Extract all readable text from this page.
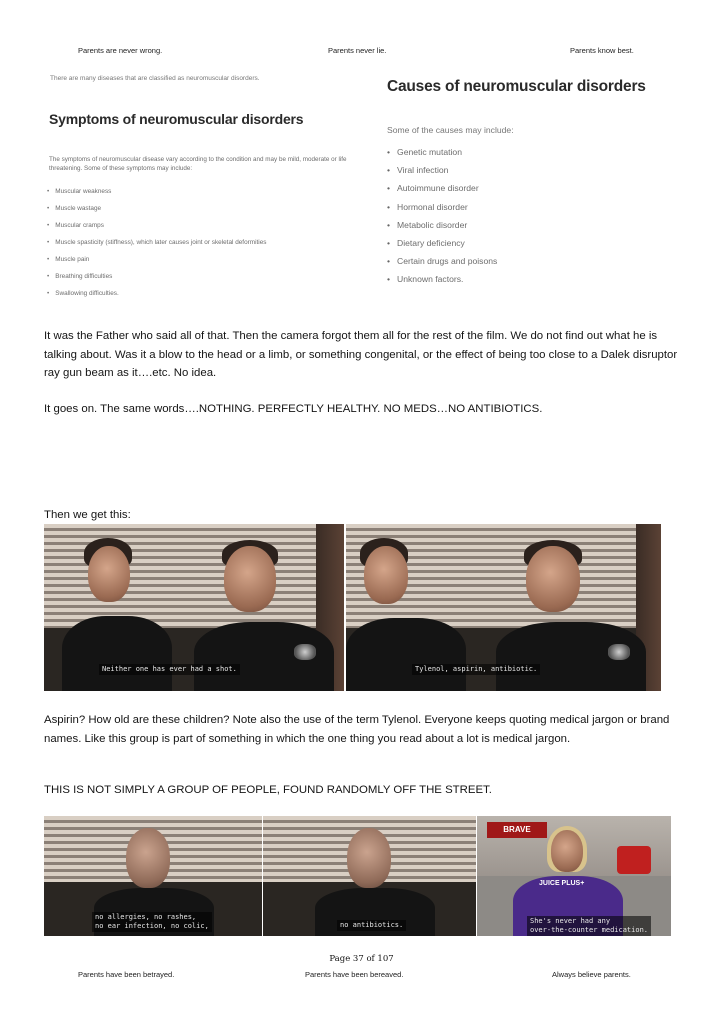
Parents are never wrong.	Parents never lie.	Parents know best.
There are many diseases that are classified as neuromuscular disorders.
Symptoms of neuromuscular disorders
The symptoms of neuromuscular disease vary according to the condition and may be mild, moderate or life threatening. Some of these symptoms may include:
• Muscular weakness
• Muscle wastage
• Muscular cramps
• Muscle spasticity (stiffness), which later causes joint or skeletal deformities
• Muscle pain
• Breathing difficulties
• Swallowing difficulties.
Causes of neuromuscular disorders
Some of the causes may include:
• Genetic mutation
• Viral infection
• Autoimmune disorder
• Hormonal disorder
• Metabolic disorder
• Dietary deficiency
• Certain drugs and poisons
• Unknown factors.
It was the Father who said all of that. Then the camera forgot them all for the rest of the film. We do not find out what he is talking about. Was it a blow to the head or a limb, or something congenital, or the effect of being too close to a Dalek disruptor ray gun beam as it….etc. No idea.
It goes on. The same words….NOTHING. PERFECTLY HEALTHY. NO MEDS…NO ANTIBIOTICS.
Then we get this:
Neither one has ever had a shot.	Tylenol, aspirin, antibiotic.
Aspirin? How old are these children? Note also the use of the term Tylenol. Everyone keeps quoting medical jargon or brand names. Like this group is part of something in which the one thing you read about a lot is medical jargon.
THIS IS NOT SIMPLY A GROUP OF PEOPLE, FOUND RANDOMLY OFF THE STREET.
no allergies, no rashes,
no ear infection, no colic,	no antibiotics.
BRAVE
JUICE PLUS+
She's never had any
over-the-counter medication.
Page 37 of 107
Parents have been betrayed.	Parents have been bereaved.	Always believe parents.
